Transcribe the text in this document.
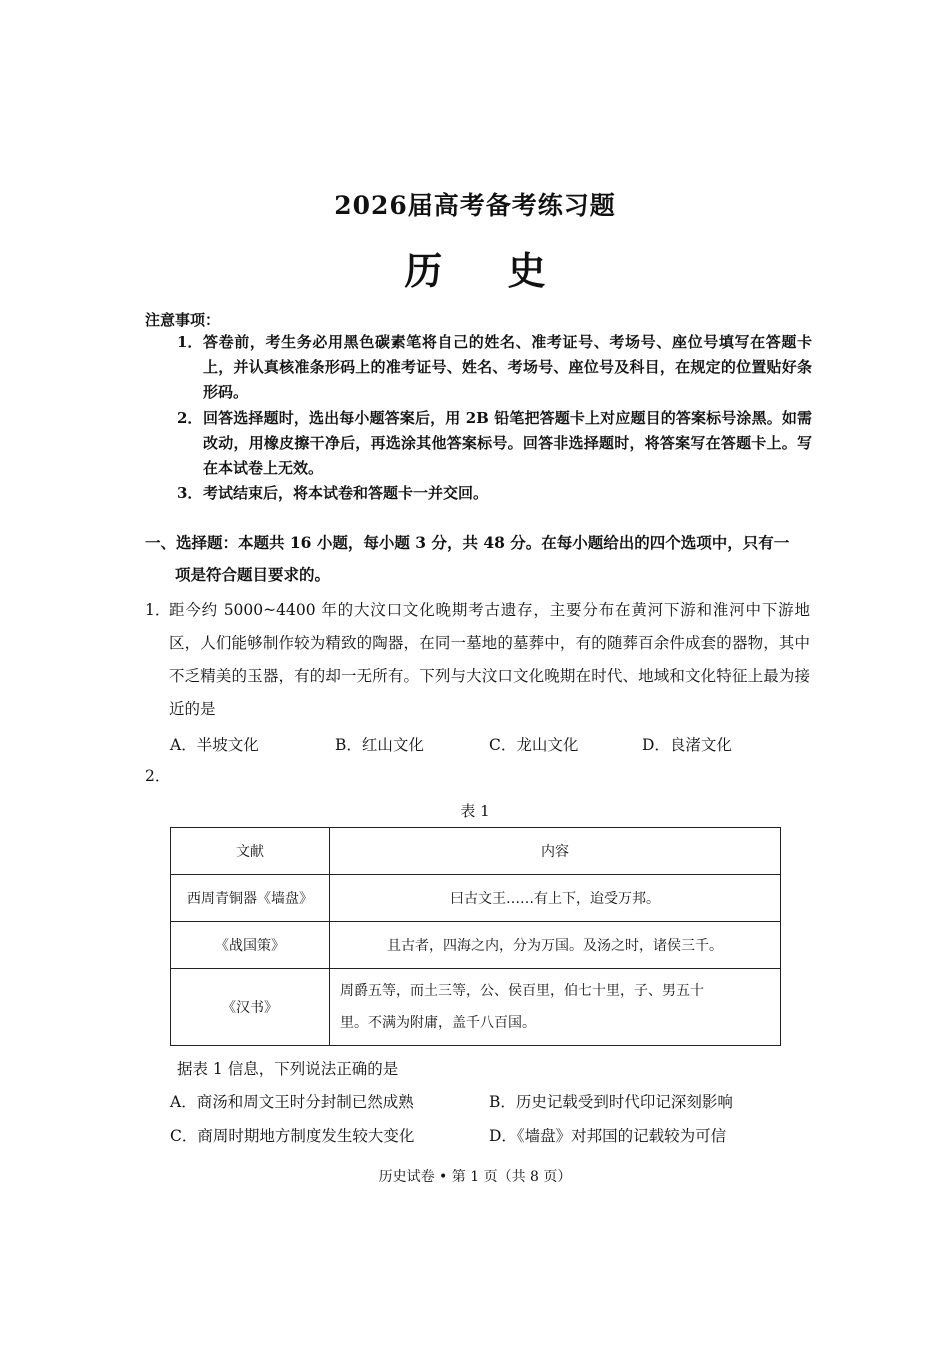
2026届高考备考练习题
历 史
注意事项：
1． 答卷前，考生务必用黑色碳素笔将自己的姓名、准考证号、考场号、座位号填写在答题卡上，并认真核准条形码上的准考证号、姓名、考场号、座位号及科目，在规定的位置贴好条形码。
2． 回答选择题时，选出每小题答案后，用 2B 铅笔把答题卡上对应题目的答案标号涂黑。如需改动，用橡皮擦干净后，再选涂其他答案标号。回答非选择题时，将答案写在答题卡上。写在本试卷上无效。
3． 考试结束后，将本试卷和答题卡一并交回。
一、选择题：本题共 16 小题，每小题 3 分，共 48 分。在每小题给出的四个选项中，只有一
项是符合题目要求的。
1．
距今约 5000~4400 年的大汶口文化晚期考古遗存，主要分布在黄河下游和淮河中下游地区，人们能够制作较为精致的陶器，在同一墓地的墓葬中，有的随葬百余件成套的器物，其中不乏精美的玉器，有的却一无所有。下列与大汶口文化晚期在时代、地域和文化特征上最为接近的是
A．半坡文化	B．红山文化	C．龙山文化	D．良渚文化
2．
表 1
文献	内容
西周青铜器《墙盘》	曰古文王……有上下，迨受万邦。
《战国策》	且古者，四海之内，分为万国。及汤之时，诸侯三千。
《汉书》	周爵五等，而土三等，公、侯百里，伯七十里，子、男五十
里。不满为附庸，盖千八百国。
据表 1 信息，下列说法正确的是
A．商汤和周文王时分封制已然成熟	B．历史记载受到时代印记深刻影响
C．商周时期地方制度发生较大变化	D．《墙盘》对邦国的记载较为可信
历史试卷 • 第 1 页（共 8 页）
